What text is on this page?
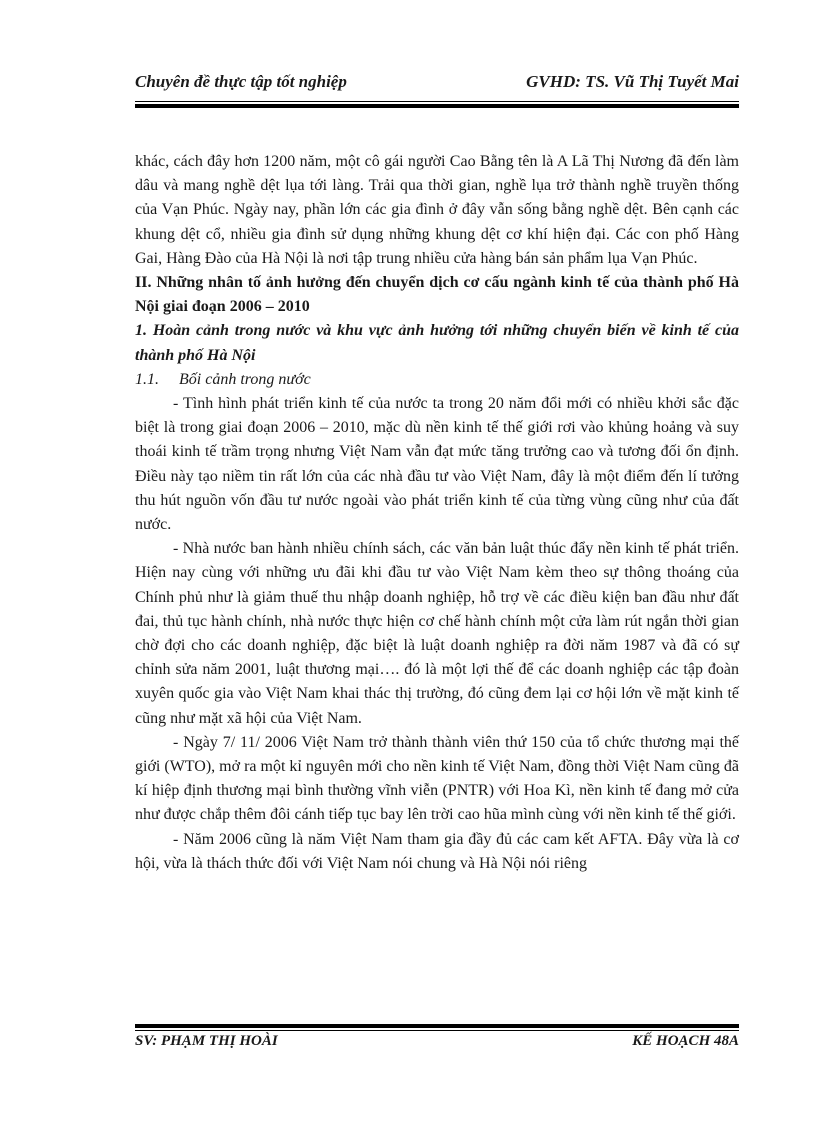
Chuyên đề thực tập tốt nghiệp	GVHD: TS. Vũ Thị Tuyết Mai

khác, cách đây hơn 1200 năm, một cô gái người Cao Bằng tên là A Lã Thị Nương đã đến làm dâu và mang nghề dệt lụa tới làng. Trải qua thời gian, nghề lụa trở thành nghề truyền thống của Vạn Phúc. Ngày nay, phần lớn các gia đình ở đây vẫn sống bằng nghề dệt. Bên cạnh các khung dệt cổ, nhiều gia đình sử dụng những khung dệt cơ khí hiện đại. Các con phố Hàng Gai, Hàng Đào của Hà Nội là nơi tập trung nhiều cửa hàng bán sản phẩm lụa Vạn Phúc.

II. Những nhân tố ảnh hưởng đến chuyển dịch cơ cấu ngành kinh tế của thành phố Hà Nội giai đoạn 2006 – 2010

1. Hoàn cảnh trong nước và khu vực ảnh hưởng tới những chuyển biến về kinh tế của thành phố Hà Nội

1.1. Bối cảnh trong nước

- Tình hình phát triển kinh tế của nước ta trong 20 năm đổi mới có nhiều khởi sắc đặc biệt là trong giai đoạn 2006 – 2010, mặc dù nền kinh tế thế giới rơi vào khủng hoảng và suy thoái kinh tế trầm trọng nhưng Việt Nam vẫn đạt mức tăng trưởng cao và tương đối ổn định. Điều này tạo niềm tin rất lớn của các nhà đầu tư vào Việt Nam, đây là một điểm đến lí tưởng thu hút nguồn vốn đầu tư nước ngoài vào phát triển kinh tế của từng vùng cũng như của đất nước.

- Nhà nước ban hành nhiều chính sách, các văn bản luật thúc đẩy nền kinh tế phát triển. Hiện nay cùng với những ưu đãi khi đầu tư vào Việt Nam kèm theo sự thông thoáng của Chính phủ như là giảm thuế thu nhập doanh nghiệp, hỗ trợ về các điều kiện ban đầu như đất đai, thủ tục hành chính, nhà nước thực hiện cơ chế hành chính một cửa làm rút ngắn thời gian chờ đợi cho các doanh nghiệp, đặc biệt là luật doanh nghiệp ra đời năm 1987 và đã có sự chỉnh sửa năm 2001, luật thương mại…. đó là một lợi thế để các doanh nghiệp các tập đoàn xuyên quốc gia vào Việt Nam khai thác thị trường, đó cũng đem lại cơ hội lớn về mặt kinh tế cũng như mặt xã hội của Việt Nam.

- Ngày 7/ 11/ 2006 Việt Nam trở thành thành viên thứ 150 của tổ chức thương mại thế giới (WTO), mở ra một kỉ nguyên mới cho nền kinh tế Việt Nam, đồng thời Việt Nam cũng đã kí hiệp định thương mại bình thường vĩnh viễn (PNTR) với Hoa Kì, nền kinh tế đang mở cửa như được chắp thêm đôi cánh tiếp tục bay lên trời cao hũa mình cùng với nền kinh tế thế giới.

- Năm 2006 cũng là năm Việt Nam tham gia đầy đủ các cam kết AFTA. Đây vừa là cơ hội, vừa là thách thức đối với Việt Nam nói chung và Hà Nội nói riêng

SV: PHẠM THỊ HOÀI	KẾ HOẠCH 48A
